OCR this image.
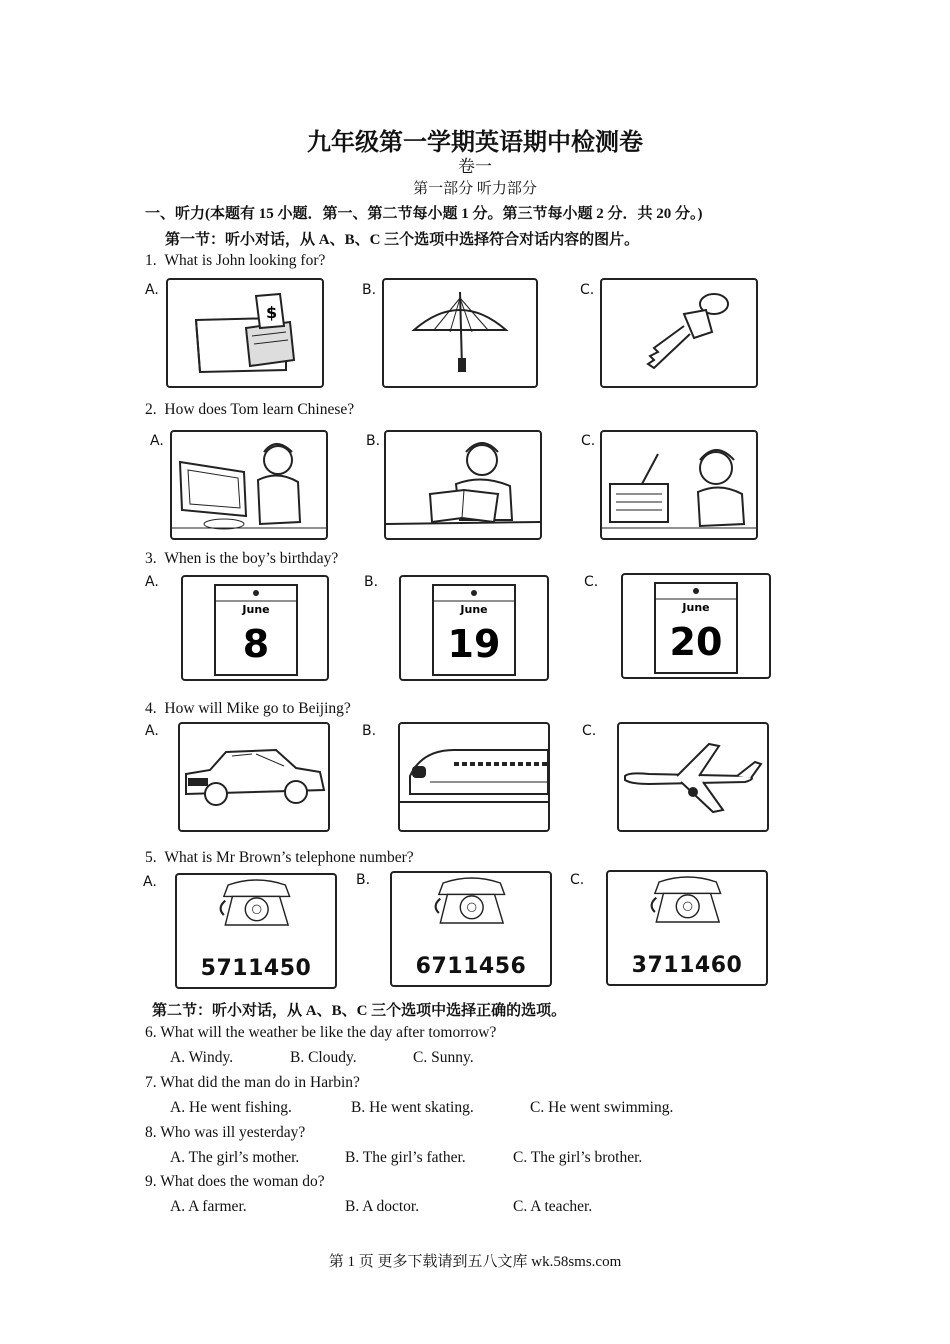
九年级第一学期英语期中检测卷
卷一
第一部分 听力部分
一、听力(本题有 15 小题．第一、第二节每小题 1 分。第三节每小题 2 分．共 20 分。)
第一节：听小对话，从 A、B、C 三个选项中选择符合对话内容的图片。
1. What is John looking for?
A.	B.	C.
$
2. How does Tom learn Chinese?
A.	B.	C.
3. When is the boy’s birthday?
A.	B.	C.
June
8
June
19
June
20
4. How will Mike go to Beijing?
A.	B.	C.
5. What is Mr Brown’s telephone number?
A.	B.	C.
5711450	6711456	3711460
第二节：听小对话，从 A、B、C 三个选项中选择正确的选项。
6. What will the weather be like the day after tomorrow?
A. Windy.	B. Cloudy.	C. Sunny.
7. What did the man do in Harbin?
A. He went fishing.	B. He went skating.	C. He went swimming.
8. Who was ill yesterday?
A. The girl’s mother.	B. The girl’s father.	C. The girl’s brother.
9. What does the woman do?
A. A farmer.	B. A doctor.	C. A teacher.
第 1 页 更多下载请到五八文库 wk.58sms.com
